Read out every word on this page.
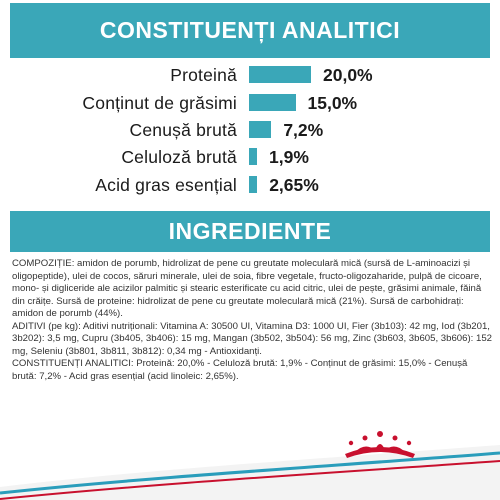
CONSTITUENȚI ANALITICI
Proteină	20,0%
Conținut de grăsimi	15,0%
Cenușă brută	7,2%
Celuloză brută 1,9%
Acid gras esențial 2,65%
INGREDIENTE

COMPOZIȚIE: amidon de porumb, hidrolizat de pene cu greutate moleculară mică (sursă de L-aminoacizi și oligopeptide), ulei de cocos, săruri minerale, ulei de soia, fibre vegetale, fructo-oligozaharide, pulpă de cicoare, mono- și digliceride ale acizilor palmitic și stearic esterificate cu acid citric, ulei de pește, grăsimi animale, făină din crăițe. Sursă de proteine: hidrolizat de pene cu greutate moleculară mică (21%). Sursă de carbohidrați: amidon de porumb (44%).

ADITIVI (pe kg): Aditivi nutriționali: Vitamina A: 30500 UI, Vitamina D3: 1000 UI, Fier (3b103): 42 mg, Iod (3b201, 3b202): 3,5 mg, Cupru (3b405, 3b406): 15 mg, Mangan (3b502, 3b504): 56 mg, Zinc (3b603, 3b605, 3b606): 152 mg, Seleniu (3b801, 3b811, 3b812): 0,34 mg - Antioxidanți.

CONSTITUENȚI ANALITICI: Proteină: 20,0% - Celuloză brută: 1,9% - Conținut de grăsimi: 15,0% - Cenușă brută: 7,2% - Acid gras esențial (acid linoleic: 2,65%).
